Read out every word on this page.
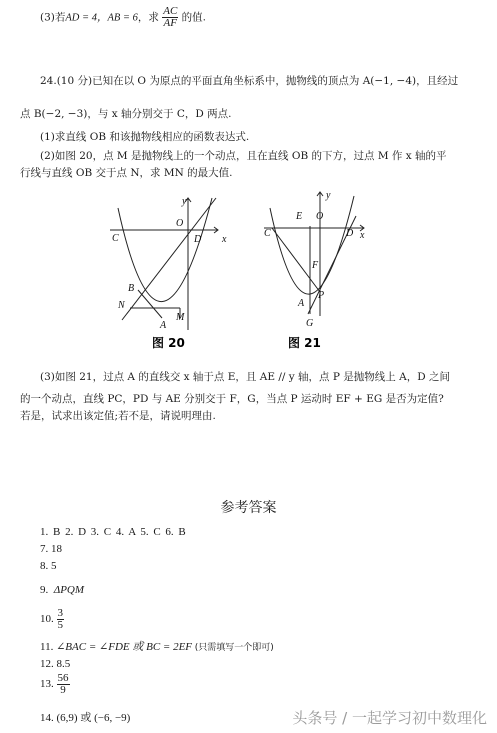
(3)若AD = 4，AB = 6，求 $\frac{AC}{AF}$ 的值.
24.(10 分)已知在以 O 为原点的平面直角坐标系中，抛物线的顶点为 A(−1, −4)，且经过
点 B(−2, −3)，与 x 轴分别交于 C，D 两点.
(1)求直线 OB 和该抛物线相应的函数表达式.
(2)如图 20，点 M 是抛物线上的一个动点，且在直线 OB 的下方，过点 M 作 x 轴的平
行线与直线 OB 交于点 N，求 MN 的最大值.
y
O
C	D x
B
N
M
A
图 20
y
E O
C	D x
F
A
P
G
图 21
(3)如图 21，过点 A 的直线交 x 轴于点 E，且 AE // y 轴，点 P 是抛物线上 A，D 之间
的一个动点，直线 PC，PD 与 AE 分别交于 F，G，当点 P 运动时 EF + EG 是否为定值?
若是，试求出该定值;若不是，请说明理由.
参考答案
1. B 2. D 3. C 4. A 5. C 6. B
7. 18
8. 5
9. ΔPQM
10. $\frac{3}{5}$
11. ∠BAC = ∠FDE 或 BC = 2EF (只需填写一个即可)
12. 8.5
13. $\frac{56}{9}$
14. (6,9) 或 (−6, −9)	头条号 / 一起学习初中数理化
